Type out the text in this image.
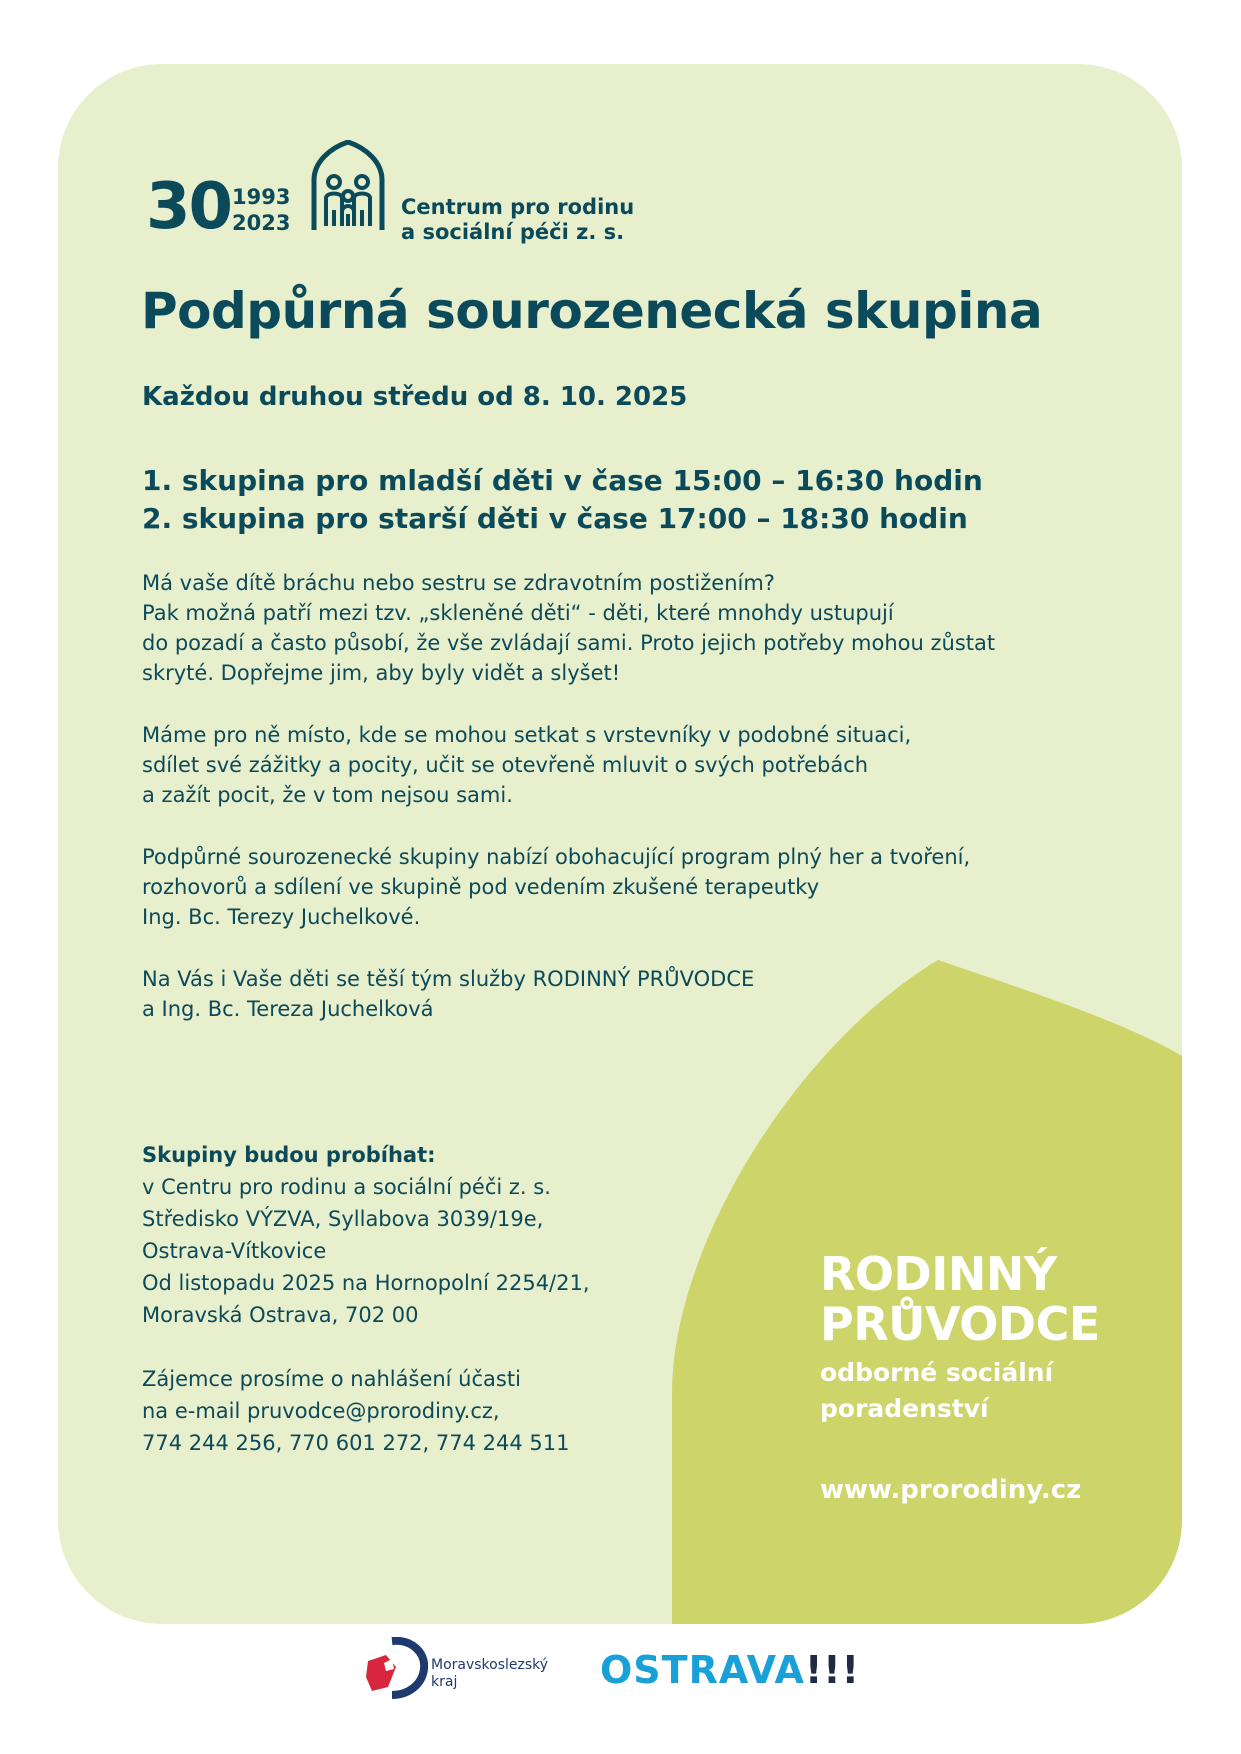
30 1993
2023
Centrum pro rodinu
a sociální péči z. s.
Podpůrná sourozenecká skupina
Každou druhou středu od 8. 10. 2025
1. skupina pro mladší děti v čase 15:00 – 16:30 hodin
2. skupina pro starší děti v čase 17:00 – 18:30 hodin

Má vaše dítě bráchu nebo sestru se zdravotním postižením?
Pak možná patří mezi tzv. „skleněné děti“ - děti, které mnohdy ustupují
do pozadí a často působí, že vše zvládají sami. Proto jejich potřeby mohou zůstat
skryté. Dopřejme jim, aby byly vidět a slyšet!

Máme pro ně místo, kde se mohou setkat s vrstevníky v podobné situaci,
sdílet své zážitky a pocity, učit se otevřeně mluvit o svých potřebách
a zažít pocit, že v tom nejsou sami.

Podpůrné sourozenecké skupiny nabízí obohacující program plný her a tvoření,
rozhovorů a sdílení ve skupině pod vedením zkušené terapeutky
Ing. Bc. Terezy Juchelkové.

Na Vás i Vaše děti se těší tým služby RODINNÝ PRŮVODCE
a Ing. Bc. Tereza Juchelková

Skupiny budou probíhat:
v Centru pro rodinu a sociální péči z. s.
Středisko VÝZVA, Syllabova 3039/19e,
Ostrava-Vítkovice
Od listopadu 2025 na Hornopolní 2254/21,
Moravská Ostrava, 702 00
Zájemce prosíme o nahlášení účasti
na e-mail pruvodce@prorodiny.cz,
774 244 256, 770 601 272, 774 244 511
RODINNÝ
PRŮVODCE
odborné sociální
poradenství
www.prorodiny.cz
Moravskoslezský
kraj	OSTRAVA!!!
